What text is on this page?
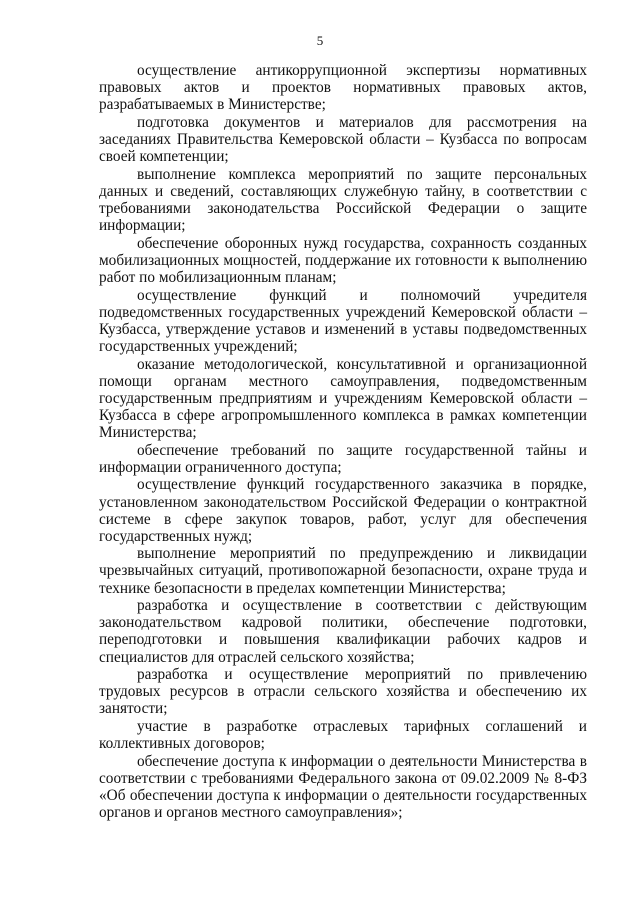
5

осуществление антикоррупционной экспертизы нормативных правовых актов и проектов нормативных правовых актов, разрабатываемых в Министерстве;

подготовка документов и материалов для рассмотрения на заседаниях Правительства Кемеровской области – Кузбасса по вопросам своей компетенции;

выполнение комплекса мероприятий по защите персональных данных и сведений, составляющих служебную тайну, в соответствии с требованиями законодательства Российской Федерации о защите информации;

обеспечение оборонных нужд государства, сохранность созданных мобилизационных мощностей, поддержание их готовности к выполнению работ по мобилизационным планам;

осуществление функций и полномочий учредителя подведомственных государственных учреждений Кемеровской области – Кузбасса, утверждение уставов и изменений в уставы подведомственных государственных учреждений;

оказание методологической, консультативной и организационной помощи органам местного самоуправления, подведомственным государственным предприятиям и учреждениям Кемеровской области – Кузбасса в сфере агропромышленного комплекса в рамках компетенции Министерства;

обеспечение требований по защите государственной тайны и информации ограниченного доступа;

осуществление функций государственного заказчика в порядке, установленном законодательством Российской Федерации о контрактной системе в сфере закупок товаров, работ, услуг для обеспечения государственных нужд;

выполнение мероприятий по предупреждению и ликвидации чрезвычайных ситуаций, противопожарной безопасности, охране труда и технике безопасности в пределах компетенции Министерства;

разработка и осуществление в соответствии с действующим законодательством кадровой политики, обеспечение подготовки, переподготовки и повышения квалификации рабочих кадров и специалистов для отраслей сельского хозяйства;

разработка и осуществление мероприятий по привлечению трудовых ресурсов в отрасли сельского хозяйства и обеспечению их занятости;

участие в разработке отраслевых тарифных соглашений и коллективных договоров;

обеспечение доступа к информации о деятельности Министерства в соответствии с требованиями Федерального закона от 09.02.2009 № 8-ФЗ «Об обеспечении доступа к информации о деятельности государственных органов и органов местного самоуправления»;
